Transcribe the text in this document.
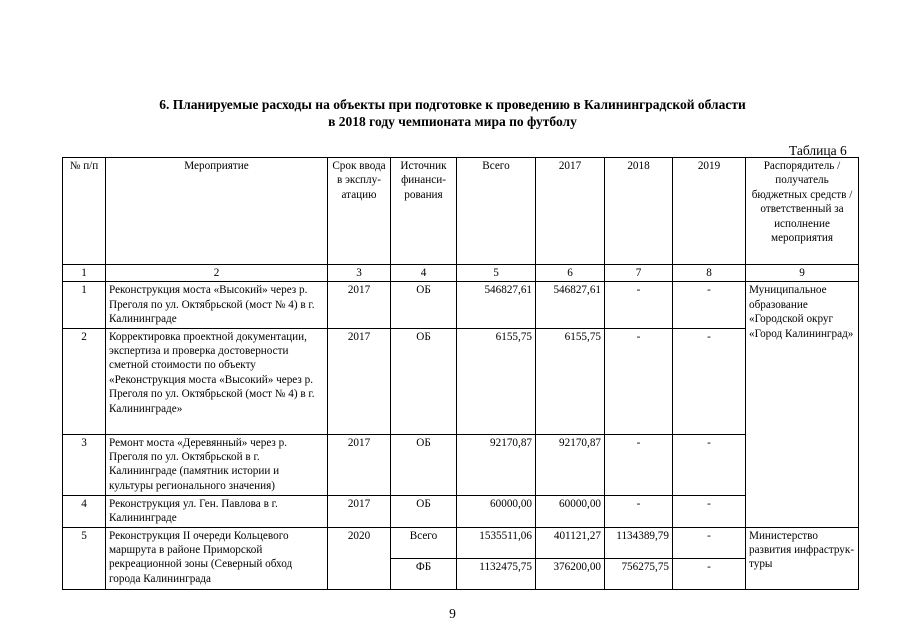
6. Планируемые расходы на объекты при подготовке к проведению в Калининградской области
в 2018 году чемпионата мира по футболу
Таблица 6
№ п/п	Мероприятие	Срок ввода в эксплу-атацию	Источник финанси-рования	Всего	2017	2018	2019	Распорядитель / получатель бюджетных средств / ответственный за исполнение мероприятия
1	2	3	4	5	6	7	8	9
1	Реконструкция моста «Высокий» через р. Преголя по ул. Октябрьской (мост № 4) в г. Калининграде	2017	ОБ	546827,61	546827,61	-	-	Муниципальное образование «Городской округ «Город Калининград»
2	Корректировка проектной документации, экспертиза и проверка достоверности сметной стоимости по объекту «Реконструкция моста «Высокий» через р. Преголя по ул. Октябрьской (мост № 4) в г. Калининграде»	2017	ОБ	6155,75	6155,75	-	-	
3	Ремонт моста «Деревянный» через р. Преголя по ул. Октябрьской в г. Калининграде (памятник истории и культуры регионального значения)	2017	ОБ	92170,87	92170,87	-	-	
4	Реконструкция ул. Ген. Павлова в г. Калининграде	2017	ОБ	60000,00	60000,00	-	-	
5	Реконструкция II очереди Кольцевого маршрута в районе Приморской рекреационной зоны (Северный обход города Калининграда	2020	Всего	1535511,06	401121,27	1134389,79	-	Министерство развития инфраструк-туры
			ФБ	1132475,75	376200,00	756275,75	-	
9
